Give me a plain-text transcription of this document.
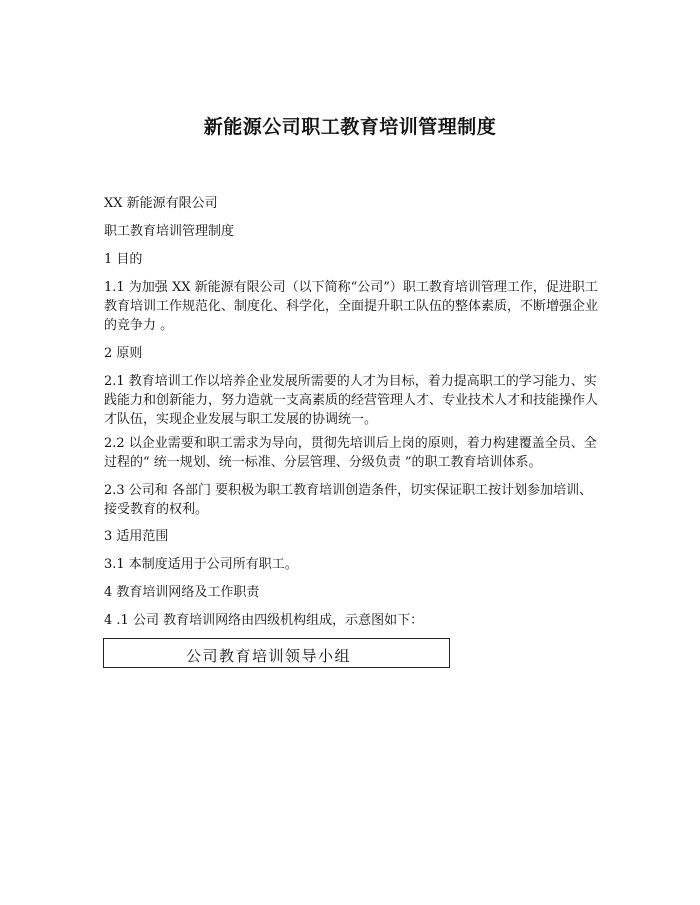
新能源公司职工教育培训管理制度

XX 新能源有限公司

职工教育培训管理制度

1 目的

1.1 为加强 XX 新能源有限公司（以下简称“公司”）职工教育培训管理工作，促进职工教育培训工作规范化、制度化、科学化，全面提升职工队伍的整体素质，不断增强企业的竞争力 。

2 原则

2.1 教育培训工作以培养企业发展所需要的人才为目标，着力提高职工的学习能力、实践能力和创新能力，努力造就一支高素质的经营管理人才、专业技术人才和技能操作人才队伍，实现企业发展与职工发展的协调统一。

2.2 以企业需要和职工需求为导向，贯彻先培训后上岗的原则，着力构建覆盖全员、全过程的“ 统一规划、统一标准、分层管理、分级负责 ”的职工教育培训体系。

2.3 公司和 各部门 要积极为职工教育培训创造条件，切实保证职工按计划参加培训、接受教育的权利。

3 适用范围

3.1 本制度适用于公司所有职工。

4 教育培训网络及工作职责

4 .1 公司 教育培训网络由四级机构组成，示意图如下：

公司教育培训领导小组
